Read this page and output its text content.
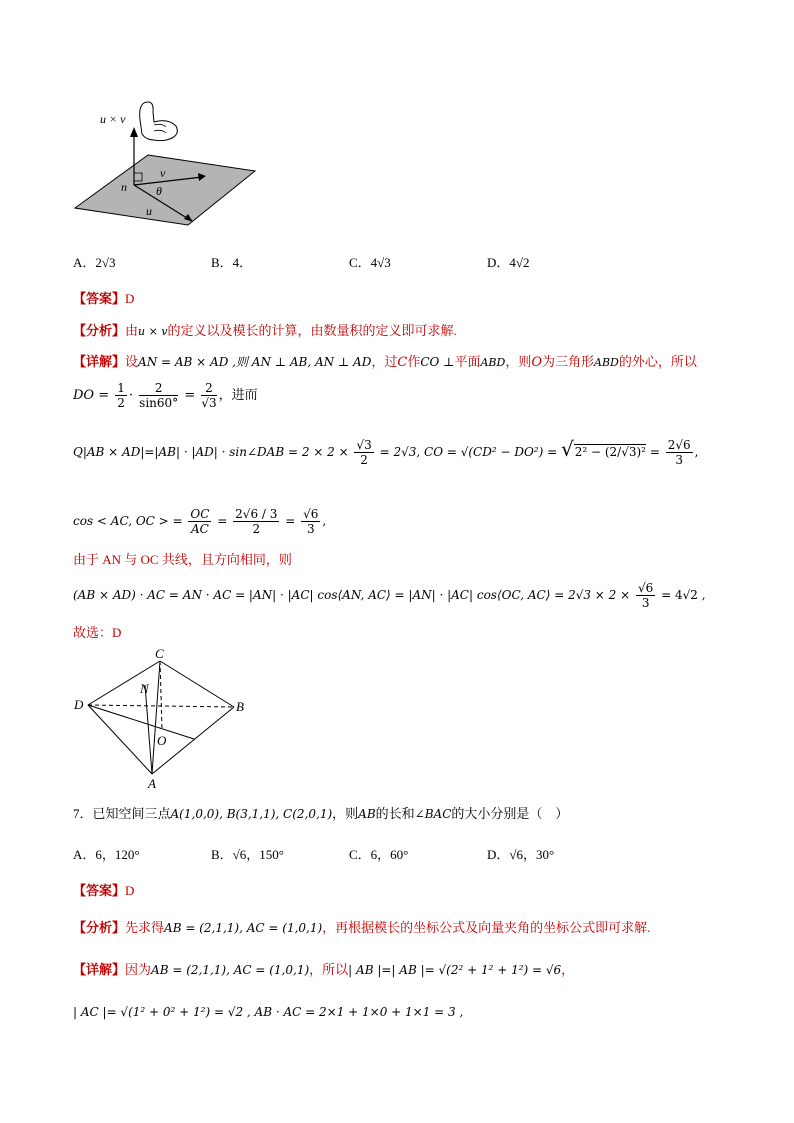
u × v
v
n θ
u
A．2√3	B．4．	C．4√3	D．4√2
【答案】D
【分析】由u × v的定义以及模长的计算，由数量积的定义即可求解.
【详解】设AN = AB × AD ,则 AN ⊥ AB, AN ⊥ AD，过C作CO ⊥平面ABD，则O为三角形ABD的外心，所以
DO = $\frac{1}{2} \cdot \frac{2}{\sin 60^\circ} = \frac{2}{√3}$ ，进而
Q|AB × AD|=|AB| · |AD| · sin∠DAB = $2 \times 2 \times \frac{√3}{2} = 2√3$, CO = $√(CD^2 - DO^2) = √2^2 - (2/√3)^2 = \frac{2√6}{3}$ ,
cos < AC, OC > = $\frac{OC}{AC} = \frac{2√6 / 3}{2} = \frac{√6}{3}$ ,
由于 AN 与 OC 共线，且方向相同，则
(AB × AD) · AC = AN · AC = |AN| · |AC| cos⟨AN, AC⟩ = |AN| · |AC| cos⟨OC, AC⟩ = $2√3 \times 2 \times \frac{√6}{3} = 4√2$ ,
故选：D
C
N
D	B
O
A
7．已知空间三点A(1,0,0), B(3,1,1), C(2,0,1)，则AB的长和∠BAC的大小分别是（　）
A．6，120°	B．√6，150°	C．6，60°	D．√6，30°
【答案】D
【分析】先求得AB = (2,1,1), AC = (1,0,1)，再根据模长的坐标公式及向量夹角的坐标公式即可求解.
【详解】因为AB = (2,1,1), AC = (1,0,1)，所以| AB |=| AB |= √(2² + 1² + 1²) = √6，
| AC |= √(1² + 0² + 1²) = √2 , AB · AC = 2×1 + 1×0 + 1×1 = 3 ,
